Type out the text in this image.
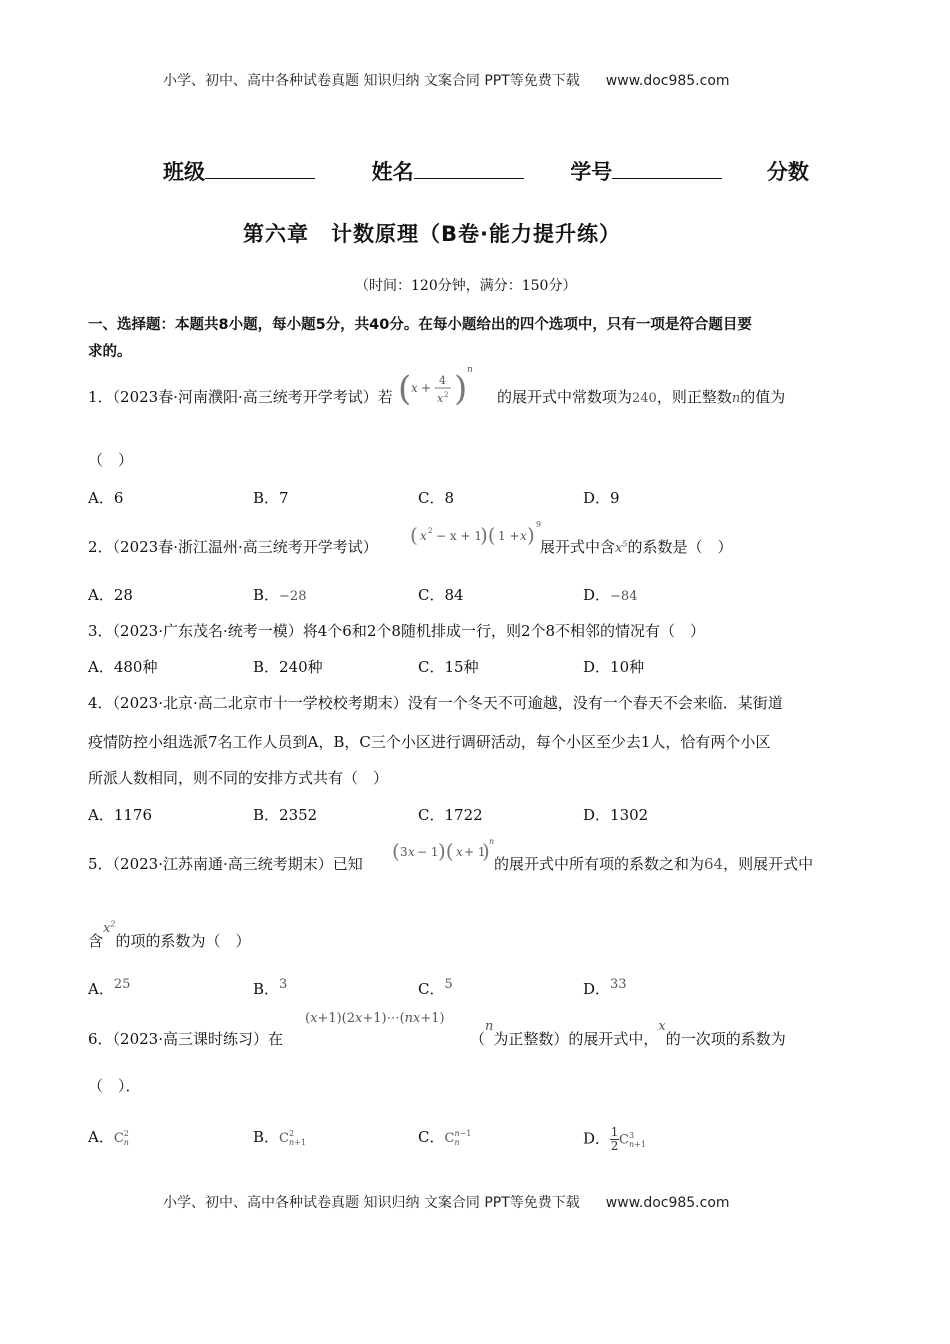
小学、初中、高中各种试卷真题 知识归纳 文案合同 PPT等免费下载 www.doc985.com
班级	姓名	学号	分数
第六章　计数原理（B卷·能力提升练）
（时间：120分钟，满分：150分）
一、选择题：本题共8小题，每小题5分，共40分。在每小题给出的四个选项中，只有一项是符合题目要
求的。
1．（2023春·河南濮阳·高三统考开学考试）若 ( x +
4
x 2 ) n
的展开式中常数项为240，则正整数n的值为
（　）
A．6	B．7	C．8	D．9
2．（2023春·浙江温州·高三统考开学考试） ( x 2 − x + 1
)( 1 + x ) 9
展开式中含$x^5$的系数是（　）
A．28	B．−28	C．84	D．−84
3．（2023·广东茂名·统考一模）将4个6和2个8随机排成一行，则2个8不相邻的情况有（　）
A．480种	B．240种	C．15种	D．10种
4．（2023·北京·高二北京市十一学校校考期末）没有一个冬天不可逾越，没有一个春天不会来临．某街道
疫情防控小组选派7名工作人员到A，B，C三个小区进行调研活动，每个小区至少去1人，恰有两个小区
所派人数相同，则不同的安排方式共有（　）
A．1176	B．2352	C．1722	D．1302
5．（2023·江苏南通·高三统考期末）已知
( 3 x − 1 )( x + 1
) n
的展开式中所有项的系数之和为64，则展开式中
含$x^2$的项的系数为（　）
A．25	B．3	C．5	D．33
6．（2023·高三课时练习）在
(x+1)(2x+1)⋯(nx+1)
（n为正整数）的展开式中，x的一次项的系数为
（　）．
A．C2
n	B．C2
n+1	C．Cn−1
n	D．$\frac{1}{2} C3$
n+1
小学、初中、高中各种试卷真题 知识归纳 文案合同 PPT等免费下载 www.doc985.com
